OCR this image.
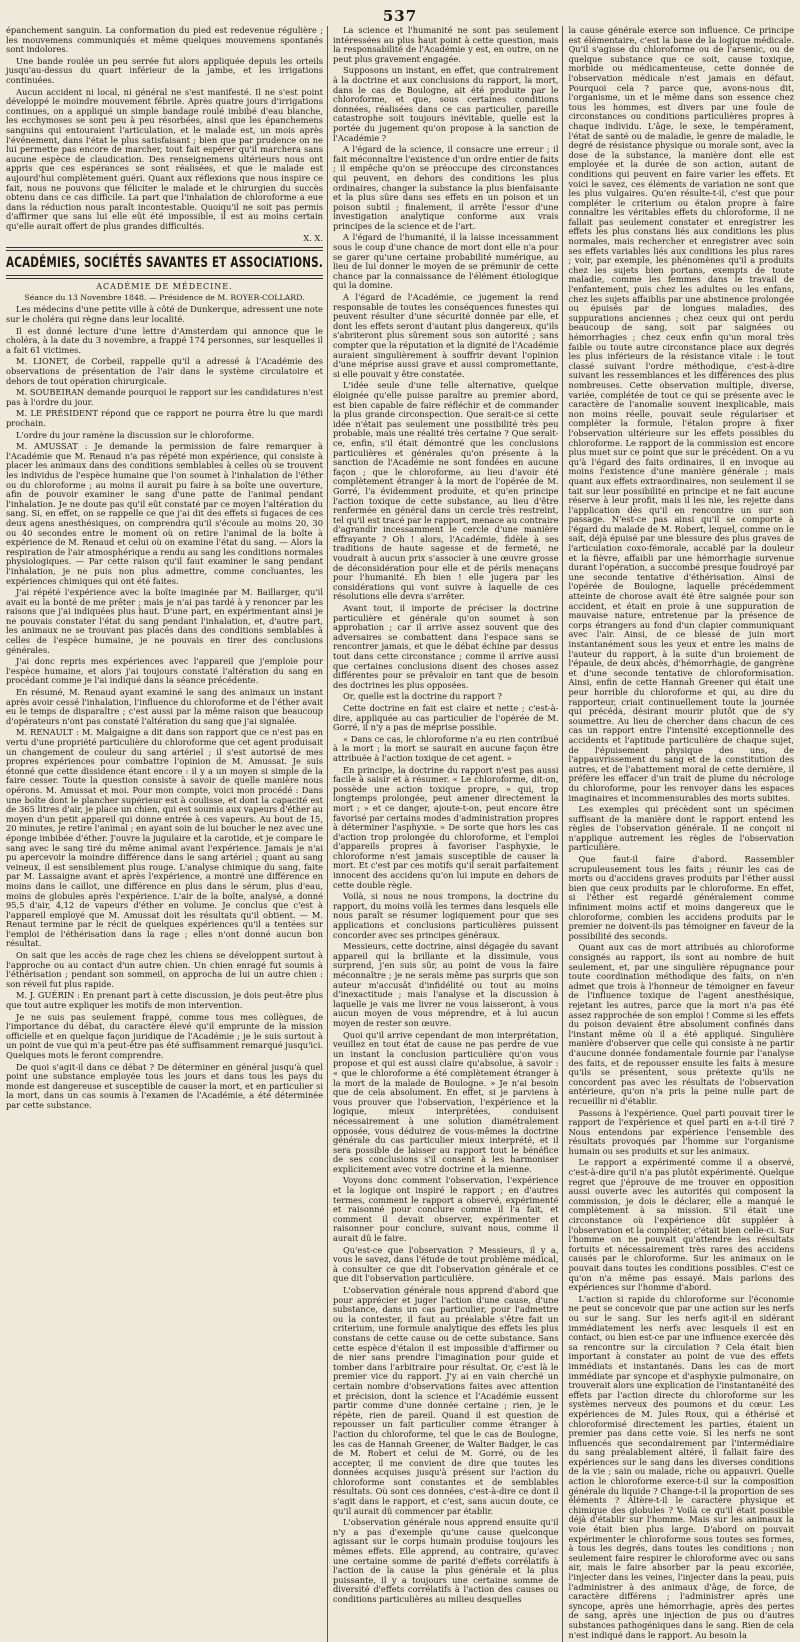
537

épanchement sanguin. La conformation du pied est redevenue régulière ; les mouvemens communiqués et même quelques mouvemens spontanés sont indolores.

Une bande roulée un peu serrée fut alors appliquée depuis les orteils jusqu'au-dessus du quart inférieur de la jambe, et les irrigations continuées.

Aucun accident ni local, ni général ne s'est manifesté. Il ne s'est point développé le moindre mouvement fébrile. Après quatre jours d'irrigations continues, on a appliqué un simple bandage roulé imbibé d'eau blanche, les ecchymoses se sont peu à peu résorbées, ainsi que les épanchemens sanguins qui entouraient l'articulation, et le malade est, un mois après l'événement, dans l'état le plus satisfaisant ; bien que par prudence on ne lui permette pas encore de marcher, tout fait espérer qu'il marchera sans aucune espèce de claudication. Des renseignemens ultérieurs nous ont appris que ces espérances se sont réalisées, et que le malade est aujourd'hui complètement guéri. Quant aux réflexions que nous inspire ce fait, nous ne pouvons que féliciter le malade et le chirurgien du succès obtenu dans ce cas difficile. La part que l'inhalation de chloroforme a eue dans la réduction nous paraît incontestable. Quoiqu'il ne soit pas permis d'affirmer que sans lui elle eût été impossible, il est au moins certain qu'elle aurait offert de plus grandes difficultés.

X. X.
ACADÉMIES, SOCIÉTÉS SAVANTES ET ASSOCIATIONS.
ACADÉMIE DE MÉDECINE.
Séance du 13 Novembre 1848. — Présidence de M. ROYER-COLLARD.

Les médecins d'une petite ville à côté de Dunkerque, adressent une note sur le choléra qui règne dans leur localité.

Il est donné lecture d'une lettre d'Amsterdam qui annonce que le choléra, à la date du 3 novembre, a frappé 174 personnes, sur lesquelles il a fait 61 victimes.

M. LIONET, de Corbeil, rappelle qu'il a adressé à l'Académie des observations de présentation de l'air dans le système circulatoire et dehors de tout opération chirurgicale.

M. SOUBEIRAN demande pourquoi le rapport sur les candidatures n'est pas à l'ordre du jour.

M. LE PRÉSIDENT répond que ce rapport ne pourra être lu que mardi prochain.

L'ordre du jour ramène la discussion sur le chloroforme.

M. AMUSSAT : Je demande la permission de faire remarquer à l'Académie que M. Renaud n'a pas répété mon expérience, qui consiste à placer les animaux dans des conditions semblables à celles où se trouvent les individus de l'espèce humaine que l'on soumet à l'inhalation de l'éther ou du chloroforme ; au moins il aurait pu faire à sa boîte une ouverture, afin de pouvoir examiner le sang d'une patte de l'animal pendant l'inhalation. Je ne doute pas qu'il eût constaté par ce moyen l'altération du sang. Si, en effet, on se rappelle ce que j'ai dit des effets si fugaces de ces deux agens anesthésiques, on comprendra qu'il s'écoule au moins 20, 30 ou 40 secondes entre le moment où on retire l'animal de la boîte à expérience de M. Renaud et celui où on examine l'état du sang. — Alors la respiration de l'air atmosphérique a rendu au sang les conditions normales physiologiques. — Par cette raison qu'il faut examiner le sang pendant l'inhalation, je ne puis non plus admettre, comme concluantes, les expériences chimiques qui ont été faites.

J'ai répété l'expérience avec la boîte imaginée par M. Baillarger, qu'il avait eu la bonté de me prêter ; mais je n'ai pas tardé à y renoncer par les raisons que j'ai indiquées plus haut. D'une part, en expérimentant ainsi je ne pouvais constater l'état du sang pendant l'inhalation, et, d'autre part, les animaux ne se trouvant pas placés dans des conditions semblables à celles de l'espèce humaine, je ne pouvais en tirer des conclusions générales.

J'ai donc repris mes expériences avec l'appareil que j'emploie pour l'espèce humaine, et alors j'ai toujours constaté l'altération du sang en procédant comme je l'ai indiqué dans la séance précédente.

En résumé, M. Renaud ayant examiné le sang des animaux un instant après avoir cessé l'inhalation, l'influence du chloroforme et de l'éther avait eu le temps de disparaître ; c'est aussi par la même raison que beaucoup d'opérateurs n'ont pas constaté l'altération du sang que j'ai signalée.

M. RENAULT : M. Malgaigne a dit dans son rapport que ce n'est pas en vertu d'une propriété particulière du chloroforme que cet agent produisait un changement de couleur du sang artériel ; il s'est autorisé de mes propres expériences pour combattre l'opinion de M. Amussat. Je suis étonné que cette dissidence étant encore : il y a un moyen si simple de la faire cesser. Toute la question consiste à savoir de quelle manière nous opérons. M. Amussat et moi. Pour mon compte, voici mon procédé : Dans une boîte dont le plancher supérieur est à coulisse, et dont la capacité est de 365 litres d'air, je place un chien, qui est soumis aux vapeurs d'éther au moyen d'un petit appareil qui donne entrée à ces vapeurs. Au bout de 15, 20 minutes, je retire l'animal ; en ayant soin de lui boucher le nez avec une éponge imbibée d'éther. J'ouvre la jugulaire et la carotide, et je compare le sang avec le sang tiré du même animal avant l'expérience. Jamais je n'ai pu apercevoir la moindre différence dans le sang artériel ; quant au sang veineux, il est sensiblement plus rouge. L'analyse chimique du sang, faite par M. Lassaigne avant et après l'expérience, a montré une différence en moins dans le caillot, une différence en plus dans le sérum, plus d'eau, moins de globules après l'expérience. L'air de la boîte, analysé, a donné 95,5 d'air, 4,12 de vapeurs d'éther en volume. Je conclus que c'est à l'appareil employé que M. Amussat doit les résultats qu'il obtient. — M. Renaut termine par le récit de quelques expériences qu'il a tentées sur l'emploi de l'éthérisation dans la rage ; elles n'ont donné aucun bon résultat.

On sait que les accès de rage chez les chiens se développent surtout à l'approche ou au contact d'un autre chien. Un chien enragé fut soumis à l'éthérisation ; pendant son sommeil, on approcha de lui un autre chien : son réveil fut plus rapide.

M. J. GUÉRIN : En prenant part à cette discussion, je dois peut-être plus que tout autre expliquer les motifs de mon intervention.

Je ne suis pas seulement frappé, comme tous mes collègues, de l'importance du débat, du caractère élevé qu'il emprunte de la mission officielle et en quelque façon juridique de l'Académie ; je le suis surtout à un point de vue qui m'a peut-être pas été suffisamment remarqué jusqu'ici. Quelques mots le feront comprendre.

De quoi s'agit-il dans ce débat ? De déterminer en général jusqu'à quel point une substance employée tous les jours et dans tous les pays du monde est dangereuse et susceptible de causer la mort, et en particulier si la mort, dans un cas soumis à l'examen de l'Académie, a été déterminée par cette substance.

La science et l'humanité ne sont pas seulement intéressées au plus haut point à cette question, mais la responsabilité de l'Académie y est, en outre, on ne peut plus gravement engagée.

Supposons un instant, en effet, que contrairement à la doctrine et aux conclusions du rapport, la mort, dans le cas de Boulogne, ait été produite par le chloroforme, et que, sous certaines conditions données, réalisées dans ce cas particulier, pareille catastrophe soit toujours inévitable, quelle est la portée du jugement qu'on propose à la sanction de l'Académie ?

A l'égard de la science, il consacre une erreur ; il fait méconnaître l'existence d'un ordre entier de faits ; il empêche qu'on se préoccupe des circonstances qui peuvent, en dehors des conditions les plus ordinaires, changer la substance la plus bienfaisante et la plus sûre dans ses effets en un poison et un poison subtil ; finalement, il arrête l'essor d'une investigation analytique conforme aux vrais principes de la science et de l'art.

A l'égard de l'humanité, il la laisse incessamment sous le coup d'une chance de mort dont elle n'a pour se garer qu'une certaine probabilité numérique, au lieu de lui donner le moyen de se prémunir de cette chance par la connaissance de l'élément étiologique qui la domine.

A l'égard de l'Académie, ce jugement la rend responsable de toutes les conséquences funestes qui peuvent résulter d'une sécurité donnée par elle, et dont les effets seront d'autant plus dangereux, qu'ils s'abriteront plus sûrement sous son autorité ; sans compter que la réputation et la dignité de l'Académie auraient singulièrement à souffrir devant l'opinion d'une méprise aussi grave et aussi compromettante, si elle pouvait y être constatée.

L'idée seule d'une telle alternative, quelque éloignée qu'elle puisse paraître au premier abord, est bien capable de faire réfléchir et de commander la plus grande circonspection. Que serait-ce si cette idée n'était pas seulement une possibilité très peu probable, mais une réalité très certaine ? Que serait-ce, enfin, s'il était démontré que les conclusions particulières et générales qu'on présente à la sanction de l'Académie ne sont fondées en aucune façon ; que le chloroforme, au lieu d'avoir été complètement étranger à la mort de l'opérée de M. Gorré, l'a évidemment produite, et qu'en principe l'action toxique de cette substance, au lieu d'être renfermée en général dans un cercle très restreint, tel qu'il est tracé par le rapport, menace au contraire d'agrandir incessamment le cercle d'une manière effrayante ? Oh ! alors, l'Académie, fidèle à ses traditions de haute sagesse et de fermeté, ne voudrait à aucun prix s'associer à une œuvre grosse de déconsidération pour elle et de périls menaçans pour l'humanité. Eh bien ! elle jugera par les considérations qui vont suivre à laquelle de ces résolutions elle devra s'arrêter.

Avant tout, il importe de préciser la doctrine particulière et générale qu'on soumet à son approbation ; car il arrive assez souvent que des adversaires se combattent dans l'espace sans se rencontrer jamais, et que le débat échine par dessus tout dans cette circonstance ; comme il arrive aussi que certaines conclusions disent des choses assez différentes pour se prêvaloir en tant que de besoin des doctrines les plus opposées.

Or, quelle est la doctrine du rapport ?

Cette doctrine en fait est claire et nette ; c'est-à-dire, appliquée au cas particulier de l'opérée de M. Gorré, il n'y a pas de méprise possible.

« Dans ce cas, le chloroforme n'a eu rien contribué à la mort ; la mort se saurait en aucune façon être attribuée à l'action toxique de cet agent. »

En principe, la doctrine du rapport n'est pas aussi facile à saisir et à résumer. « Le chloroforme, dit-on, possède une action toxique propre, » qui, trop longtemps prolongée, peut amener directement la mort ; » et ce danger, ajoute-t-on, peut encore être favorisé par certains modes d'administration propres à déterminer l'asphyxie. » De sorte que hors les cas d'action trop prolongée du chloroforme, et l'emploi d'appareils propres à favoriser l'asphyxie, le chloroforme n'est jamais susceptible de causer la mort. Et c'est par ces motifs qu'il serait parfaitement innocent des accidens qu'on lui impute en dehors de cette double règle.

Voilà, si nous ne nous trompons, la doctrine du rapport, du moins voilà les termes dans lesquels elle nous paraît se résumer logiquement pour que ses applications et conclusions particulières puissent concorder avec ses principes généraux.

Messieurs, cette doctrine, ainsi dégagée du savant appareil qui la brillante et la dissimule, vous surprend, j'en suis sûr, au point de vous la faire méconnaître ; je ne serais même pas surpris que son auteur m'accusât d'infidélité ou tout au moins d'inexactitude ; mais l'analyse et la discussion à laquelle je vais me livrer ne vous laisseront, à vous aucun moyen de vous méprendre, et à lui aucun moyen de rester son œuvre.

Quoi qu'il arrive cependant de mon interprétation, veuillez en tout état de cause ne pas perdre de vue un instant la conclusion particulière qu'on vous propose et qui est aussi claire qu'absolue, à savoir : « que le chloroforme a été complètement étranger à la mort de la malade de Boulogne. » Je n'ai besoin que de cela absolument. En effet, si je parviens à vous prouver que l'observation, l'expérience et la logique, mieux interprétées, conduisent nécessairement à une solution diamétralement opposée, vous déduirez de vous-mêmes la doctrine générale du cas particulier mieux interprété, et il sera possible de laisser au rapport tout le bénéfice de ses conclusions s'il consent à les harmoniser explicitement avec votre doctrine et la mienne.

Voyons donc comment l'observation, l'expérience et la logique ont inspiré le rapport ; en d'autres termes, comment le rapport a observé, expérimenté et raisonné pour conclure comme il l'a fait, et comment il devait observer, expérimenter et raisonner pour conclure, suivant nous, comme il aurait dû le faire.

Qu'est-ce que l'observation ? Messieurs, il y a, vous le savez, dans l'étude de tout problème médical, à consulter ce que dit l'observation générale et ce que dit l'observation particulière.

L'observation générale nous apprend d'abord que pour apprécier et juger l'action d'une cause, d'une substance, dans un cas particulier, pour l'admettre ou la contester, il faut au préalable s'être fait un criterium, une formule analytique des effets les plus constans de cette cause ou de cette substance. Sans cette espèce d'étalon il est impossible d'affirmer ou de nier sans prendre l'imagination pour guide et tomber dans l'arbitraire pour résultat. Or, c'est là le premier vice du rapport. J'y ai en vain cherché un certain nombre d'observations faites avec attention et précision, dont la science et l'Académie eussent partir comme d'une donnée certaine ; rien, je le répète, rien de pareil. Quand il est question de repousser un fait particulier comme étranger à l'action du chloroforme, tel que le cas de Boulogne, les cas de Hannah Greener, de Walter Badger, le cas de M. Robert et celui de M. Gorré, ou de les accepter, il me convient de dire que toutes les données acquises jusqu'à présent sur l'action du chloroforme sont constantes et de semblables résultats. Où sont ces données, c'est-à-dire ce dont il s'agit dans le rapport, et c'est, sans aucun doute, ce qu'il aurait dû commencer par établir.

L'observation générale nous apprend ensuite qu'il n'y a pas d'exemple qu'une cause quelconque agissant sur le corps humain produise toujours les mêmes effets. Elle apprend, au contraire, qu'avec une certaine somme de parité d'effets corrélatifs à l'action de la cause la plus générale et la plus puissante, il y a toujours une certaine somme de diversité d'effets corrélatifs à l'action des causes ou conditions particulières au milieu desquelles

la cause générale exerce son influence. Ce principe est élémentaire, c'est la base de la logique médicale. Qu'il s'agisse du chloroforme ou de l'arsenic, ou de quelque substance que ce soit, cause toxique, morbide ou médicamenteuse, cette donnée de l'observation médicale n'est jamais en défaut. Pourquoi cela ? parce que, avons-nous dit, l'organisme, un et le même dans son essence chez tous les hommes, est divers par une foule de circonstances ou conditions particulières propres à chaque individu. L'âge, le sexe, le tempérament, l'état de santé ou de maladie, le genre de maladie, le degré de résistance physique ou morale sont, avec la dose de la substance, la manière dont elle est employée et la durée de son action, autant de conditions qui peuvent en faire varier les effets. Et voici le savez, ces éléments de variation ne sont que les plus vulgaires. Qu'en résulte-t-il, c'est que pour compléter le criterium ou étalon propre à faire connaître les véritables effets du chloroforme, il ne fallait pas seulement constater et enregistrer les effets les plus constans liés aux conditions les plus normales, mais rechercher et enregistrer avec soin ses effets variables liés aux conditions les plus rares ; voir, par exemple, les phénomènes qu'il a produits chez les sujets bien portans, exempts de toute maladie, comme les femmes dans le travail de l'enfantement, puis chez les adultes ou les enfans, chez les sujets affaiblis par une abstinence prolongée ou épuisés par de longues maladies, des suppurations anciennes ; chez ceux qui ont perdu beaucoup de sang, soit par saignées ou hémorrhagies ; chez ceux enfin qu'un moral très faible ou toute autre circonstance place aux degrés les plus inférieurs de la résistance vitale : le tout classé suivant l'ordre méthodique, c'est-à-dire suivant les ressemblances et les différences des plus nombreuses. Cette observation multiple, diverse, variée, complétée de tout ce qui se présente avec le caractère de l'anomalie souvent inexplicable, mais non moins réelle, pouvait seule régulariser et compléter la formule, l'étalon propre à fixer l'observation ultérieure sur les effets possibles du chloroforme. Le rapport de la commission est encore plus muet sur ce point que sur le précédent. On a vu qu'à l'égard des faits ordinaires, il en invoque au moins l'existence d'une manière générale ; mais quant aux effets extraordinaires, non seulement il se tait sur leur possibilité en principe et ne fait aucune réserve à leur profit, mais il les nie, les rejette dans l'application dès qu'il en rencontre un sur son passage. N'est-ce pas ainsi qu'il se comporte à l'égard du malade de M. Robert, lequel, comme on le sait, déjà épuisé par une blessure des plus graves de l'articulation coxo-fémorale, accablé par la douleur et la fièvre, affaibli par une hémorrhagie survenue durant l'opération, a succombé presque foudroyé par une seconde tentative d'éthérisation. Ainsi de l'opérée de Boulogne, laquelle précédemment atteinte de chorose avait été être saignée pour son accident, et était en proie à une suppuration de mauvaise nature, entretenue par la présence de corps étrangers au fond d'un clapier communiquant avec l'air. Ainsi, de ce blessé de juin mort instantanément sous les yeux et entre les mains de l'auteur du rapport, à la suite d'un broiement de l'épaule, de deux abcès, d'hémorrhagie, de gangrène et d'une seconde tentative de chloroformisation. Ainsi, enfin de cette Hannah Greener qui était une peur horrible du chloroforme et qui, au dire du rapporteur, criait continuellement toute la journée qui précéda, désirant mourir plutôt que de s'y soumettre. Au lieu de chercher dans chacun de ces cas un rapport entre l'intensité exceptionnelle des accidents et l'aptitude particulière de chaque sujet, de l'épuisement physique des uns, de l'appauvrissement du sang et de la constitution des autres, et de l'abattement moral de cette dernière, il préfère les effacer d'un trait de plume du nécrologe du chloroforme, pour les renvoyer dans les espaces imaginaires et incommensurables des morts subites.

Les exemples qui précèdent sont un spécimen suffisant de la manière dont le rapport entend les règles de l'observation générale. Il ne conçoit ni n'applique autrement les règles de l'observation particulière.

Que faut-il faire d'abord. Rassembler scrupuleusement tous les faits ; réunir les cas de morts ou d'accidens graves produits par l'éther aussi bien que ceux produits par le chloroforme. En effet, si l'éther est regardé généralement comme infiniment moins actif et moins dangereux que le chloroforme, combien les accidens produits par le premier ne doivent-ils pas témoigner en faveur de la possibilité des seconds.

Quant aux cas de mort attribués au chloroforme consignés au rapport, ils sont au nombre de huit seulement, et, par une singulière répugnance pour toute coordination méthodique des faits, on n'en admet que trois à l'honneur de témoigner en faveur de l'influence toxique de l'agent anesthésique, rejetant les autres, parce que la mort n'a pas été assez rapprochée de son emploi ! Comme si les effets du poison devaient être absolument confinés dans l'instant même où il a été appliqué. Singulière manière d'observer que celle qui consiste à ne partir d'aucune donnée fondamentale fournie par l'analyse des faits, et de repousser ensuite les faits à mesure qu'ils se présentent, sous prétexte qu'ils ne concordent pas avec les résultats de l'observation antérieure, qu'on n'a pris la peine nulle part de recueillir ni d'établir.

Passons à l'expérience. Quel parti pouvait tirer le rapport de l'expérience et quel parti en a-t-il tiré ? Nous entendons par expérience l'ensemble des résultats provoqués par l'homme sur l'organisme humain ou ses produits et sur les animaux.

Le rapport a expérimenté comme il a observé, c'est-à-dire qu'il n'a pas plutôt expérimenté. Quelque regret que j'éprouve de me trouver en opposition aussi ouverte avec les autorités qui composent la commission, je dois le déclarer, elle a manqué le complètement à sa mission. S'il était une circonstance où l'expérience dût suppléer à l'observation et la compléter, c'était bien celle-ci. Sur l'homme on ne pouvait qu'attendre les résultats fortuits et nécessairement très rares des accidens causés par le chloroforme. Sur les animaux on le pouvait dans toutes les conditions possibles. C'est ce qu'on n'a même pas essayé. Mais parlons des expériences sur l'homme d'abord.

L'action si rapide du chloroforme sur l'économie ne peut se concevoir que par une action sur les nerfs ou sur le sang. Sur les nerfs agit-il en sidérant immédiatement les nerfs avec lesquels il est en contact, ou bien est-ce par une influence exercée dès sa rencontre sur la circulation ? Cela était bien important à constater au point de vue des effets immédiats et instantanés. Dans les cas de mort immédiate par syncope et d'asphyxie pulmonaire, on trouverait alors une explication de l'instantanéité des effets par l'action directe du chloroforme sur les systèmes nerveux des poumons et du cœur. Les expériences de M. Jules Roux, qui a éthérisé et chloroformisé directement les parties, étaient un premier pas dans cette voie. Si les nerfs ne sont influencés que secondairement par l'intermédiaire du sang préalablement altéré, il fallait faire des expériences sur le sang dans les diverses conditions de la vie ; sain ou malade, riche ou appauvri. Quelle action le chloroforme exerce-t-il sur la composition générale du liquide ? Change-t-il la proportion de ses éléments ? Altère-t-il le caractère physique et chimique des globules ? Voilà ce qu'il était possible déjà d'établir sur l'homme. Mais sur les animaux la voie était bien plus large. D'abord on pouvait expérimenter le chloroforme sous toutes ses formes, à tous les degrés, dans toutes les conditions ; non seulement faire respirer le chloroforme avec ou sans air, mais le faire absorber par la peau excoriée, l'injecter dans les veines, l'injecter dans la peau, puis l'administrer à des animaux d'âge, de force, de caractère différens ; l'administrer après une syncope, après une hémorrhagie, après des pertes de sang, après une injection de pus ou d'autres substances pathogéniques dans le sang. Rien de cela n'est indiqué dans le rapport. Au besoin la
